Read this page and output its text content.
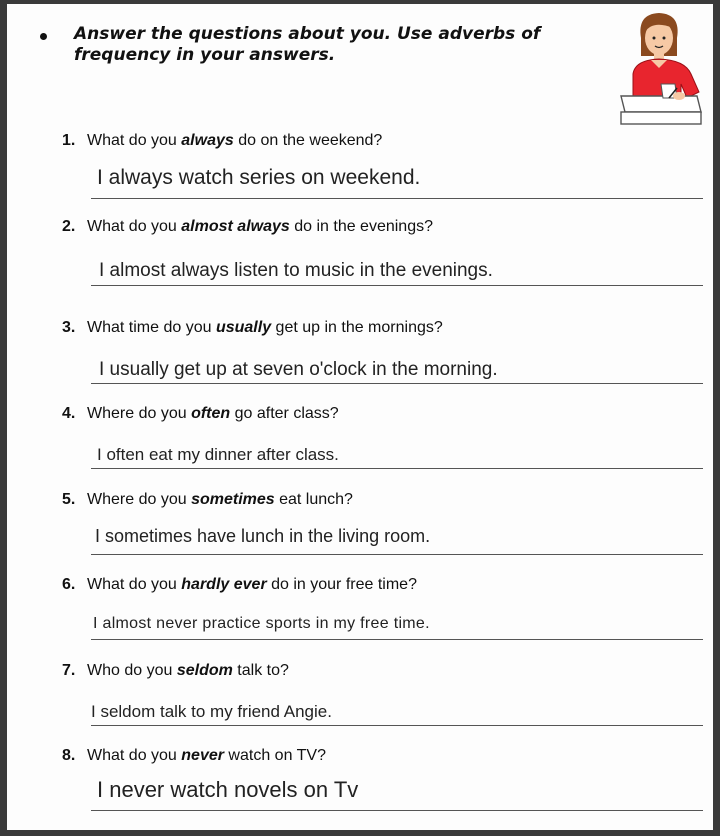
Answer the questions about you. Use adverbs of
frequency in your answers.
1. What do you always do on the weekend?
I always watch series on weekend.
2. What do you almost always do in the evenings?
I almost always listen to music in the evenings.
3. What time do you usually get up in the mornings?
I usually get up at seven o'clock in the morning.
4. Where do you often go after class?
I often eat my dinner after class.
5. Where do you sometimes eat lunch?
I sometimes have lunch in the living room.
6. What do you hardly ever do in your free time?
I almost never practice sports in my free time.
7. Who do you seldom talk to?
I seldom talk to my friend Angie.
8. What do you never watch on TV?
I never watch novels on Tv
